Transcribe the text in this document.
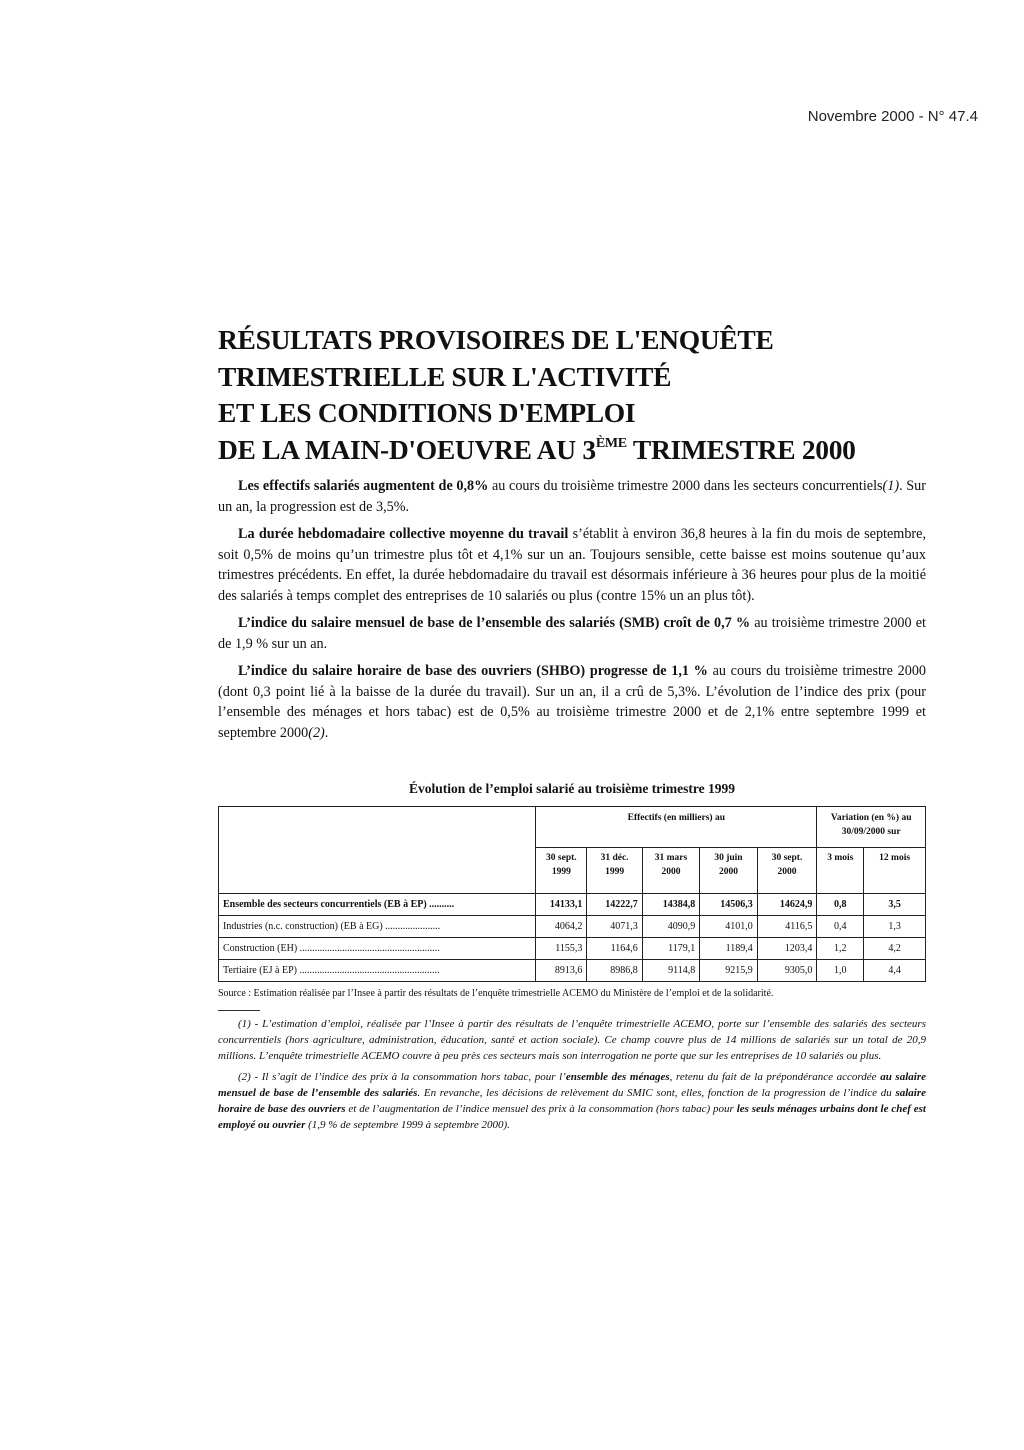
Novembre 2000 - N° 47.4
RÉSULTATS PROVISOIRES DE L'ENQUÊTE
TRIMESTRIELLE SUR L'ACTIVITÉ
ET LES CONDITIONS D'EMPLOI
DE LA MAIN-D'OEUVRE AU 3ÈME TRIMESTRE 2000

Les effectifs salariés augmentent de 0,8% au cours du troisième trimestre 2000 dans les secteurs concurrentiels(1). Sur un an, la progression est de 3,5%.

La durée hebdomadaire collective moyenne du travail s’établit à environ 36,8 heures à la fin du mois de septembre, soit 0,5% de moins qu’un trimestre plus tôt et 4,1% sur un an. Toujours sensible, cette baisse est moins soutenue qu’aux trimestres précédents. En effet, la durée hebdomadaire du travail est désormais inférieure à 36 heures pour plus de la moitié des salariés à temps complet des entreprises de 10 salariés ou plus (contre 15% un an plus tôt).

L’indice du salaire mensuel de base de l’ensemble des salariés (SMB) croît de 0,7 % au troisième trimestre 2000 et de 1,9 % sur un an.

L’indice du salaire horaire de base des ouvriers (SHBO) progresse de 1,1 % au cours du troisième trimestre 2000 (dont 0,3 point lié à la baisse de la durée du travail). Sur un an, il a crû de 5,3%. L’évolution de l’indice des prix (pour l’ensemble des ménages et hors tabac) est de 0,5% au troisième trimestre 2000 et de 2,1% entre septembre 1999 et septembre 2000(2).

Évolution de l’emploi salarié au troisième trimestre 1999
	Effectifs (en milliers) au					Variation (en %) au 30/09/2000 sur	
	30 sept. 1999	31 déc. 1999	31 mars 2000	30 juin 2000	30 sept. 2000	3 mois	12 mois
Ensemble des secteurs concurrentiels (EB à EP) ..........	14133,1	14222,7	14384,8	14506,3	14624,9	0,8	3,5
Industries (n.c. construction) (EB à EG) ......................	4064,2	4071,3	4090,9	4101,0	4116,5	0,4	1,3
Construction (EH) ........................................................	1155,3	1164,6	1179,1	1189,4	1203,4	1,2	4,2
Tertiaire (EJ à EP) ........................................................	8913,6	8986,8	9114,8	9215,9	9305,0	1,0	4,4
Source : Estimation réalisée par l’Insee à partir des résultats de l’enquête trimestrielle ACEMO du Ministère de l’emploi et de la solidarité.

(1) - L’estimation d’emploi, réalisée par l’Insee à partir des résultats de l’enquête trimestrielle ACEMO, porte sur l’ensemble des salariés des secteurs concurrentiels (hors agriculture, administration, éducation, santé et action sociale). Ce champ couvre plus de 14 millions de salariés sur un total de 20,9 millions. L’enquête trimestrielle ACEMO couvre à peu près ces secteurs mais son interrogation ne porte que sur les entreprises de 10 salariés ou plus.

(2) - Il s’agit de l’indice des prix à la consommation hors tabac, pour l’ensemble des ménages, retenu du fait de la prépondérance accordée au salaire mensuel de base de l’ensemble des salariés. En revanche, les décisions de relèvement du SMIC sont, elles, fonction de la progression de l’indice du salaire horaire de base des ouvriers et de l’augmentation de l’indice mensuel des prix à la consommation (hors tabac) pour les seuls ménages urbains dont le chef est employé ou ouvrier (1,9 % de septembre 1999 à septembre 2000).
